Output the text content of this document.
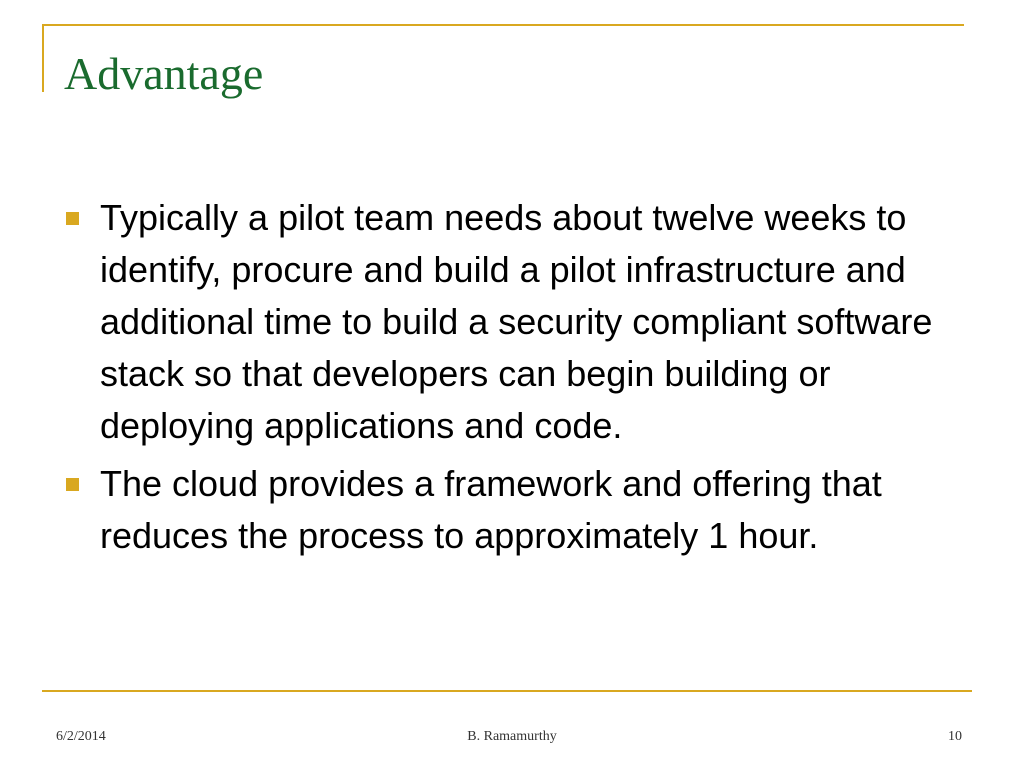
Advantage
Typically a pilot team needs about twelve weeks to identify, procure and build a pilot infrastructure and additional time to build a security compliant software stack so that developers can begin building or deploying applications and code.
The cloud provides a framework and offering that reduces the process to approximately 1 hour.

6/2/2014	B. Ramamurthy	10
